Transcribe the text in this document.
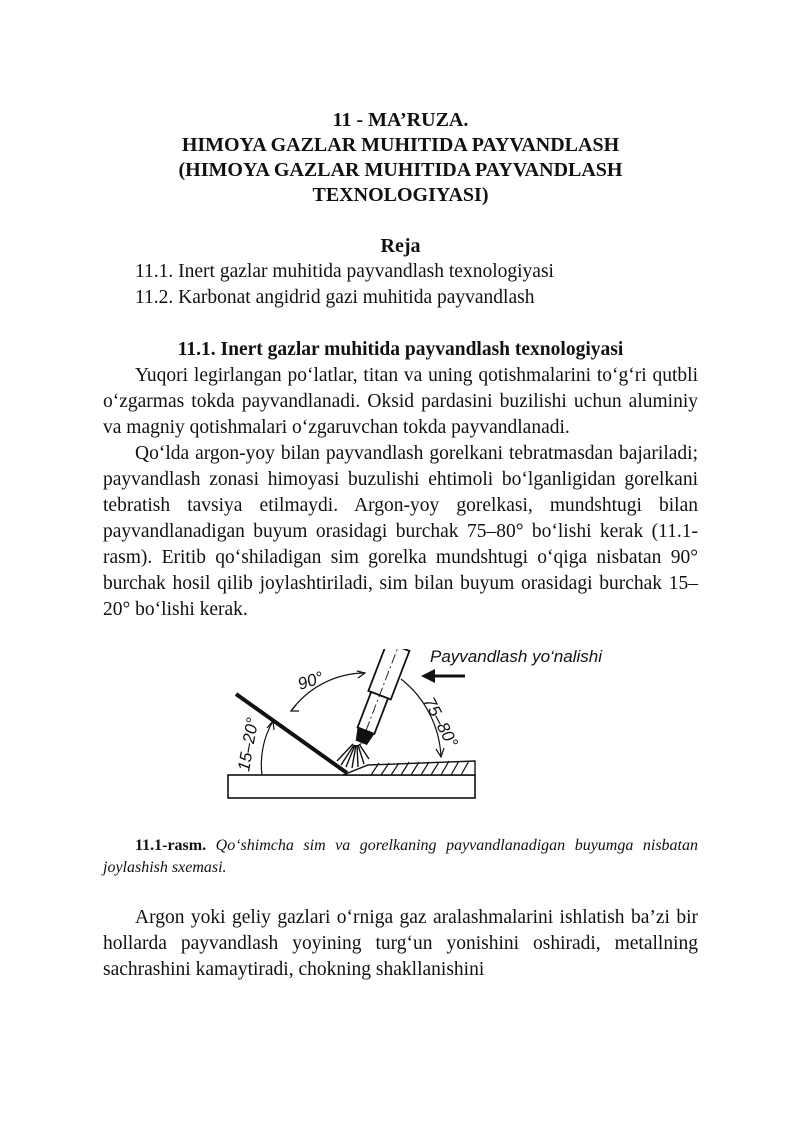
11 - MA’RUZA.
HIMOYA GAZLAR MUHITIDA PAYVANDLASH
(HIMOYA GAZLAR MUHITIDA PAYVANDLASH
TEXNOLOGIYASI)
Reja
11.1. Inert gazlar muhitida payvandlash texnologiyasi
11.2. Karbonat angidrid gazi muhitida payvandlash
11.1. Inert gazlar muhitida payvandlash texnologiyasi

Yuqori legirlangan po‘latlar, titan va uning qotishmalarini to‘g‘ri qutbli o‘zgarmas tokda payvandlanadi. Oksid pardasini buzilishi uchun aluminiy va magniy qotishmalari o‘zgaruvchan tokda payvandlanadi.

Qo‘lda argon-yoy bilan payvandlash gorelkani tebratmasdan bajariladi; payvandlash zonasi himoyasi buzulishi ehtimoli bo‘lganligidan gorelkani tebratish tavsiya etilmaydi. Argon-yoy gorelkasi, mundshtugi bilan payvandlanadigan buyum orasidagi burchak 75–80° bo‘lishi kerak (11.1-rasm). Eritib qo‘shiladigan sim gorelka mundshtugi o‘qiga nisbatan 90° burchak hosil qilib joylashtiriladi, sim bilan buyum orasidagi burchak 15–20° bo‘lishi kerak.

Payvandlash yo‘nalishi
90°
75–80°
15–20°
11.1-rasm. Qo‘shimcha sim va gorelkaning payvandlanadigan buyumga nisbatan joylashish sxemasi.

Argon yoki geliy gazlari o‘rniga gaz aralashmalarini ishlatish ba’zi bir hollarda payvandlash yoyining turg‘un yonishini oshiradi, metallning sachrashini kamaytiradi, chokning shakllanishini
